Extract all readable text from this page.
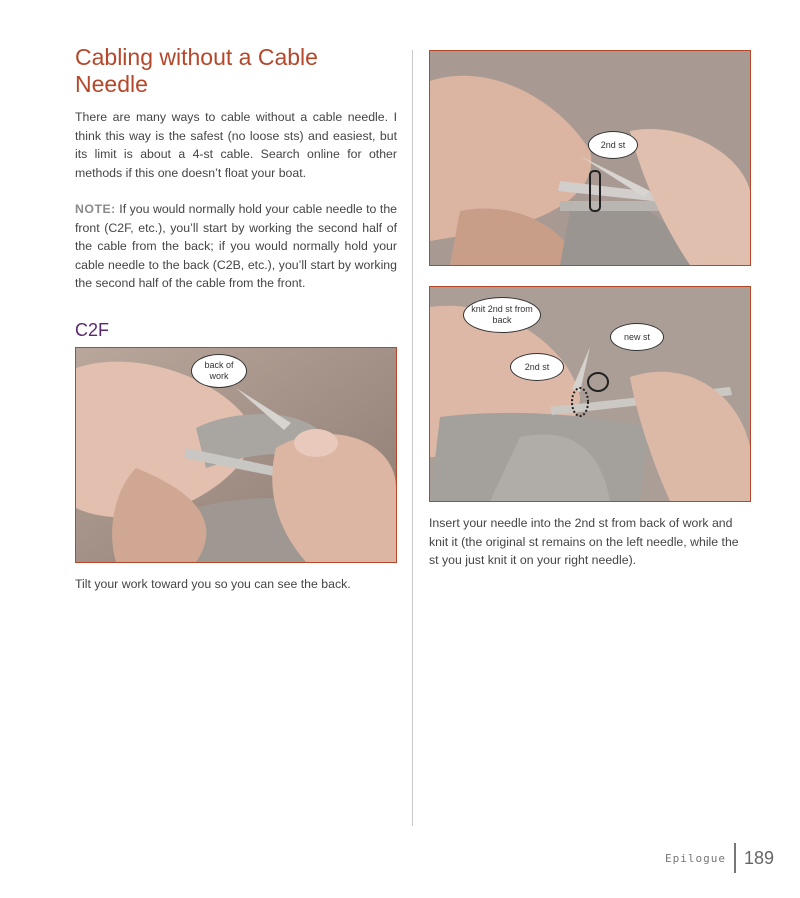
Cabling without a Cable Needle

There are many ways to cable without a cable needle. I think this way is the safest (no loose sts) and easiest, but its limit is about a 4-st cable. Search online for other methods if this one doesn’t float your boat.

NOTE: If you would normally hold your cable needle to the front (C2F, etc.), you’ll start by working the second half of the cable from the back; if you would normally hold your cable needle to the back (C2B, etc.), you’ll start by working the second half of the cable from the front.

C2F
back of work

Tilt your work toward you so you can see the back.

2nd st
knit 2nd st from back
new st
2nd st

Insert your needle into the 2nd st from back of work and knit it (the original st remains on the left needle, while the st you just knit it on your right needle).

Epilogue 189
